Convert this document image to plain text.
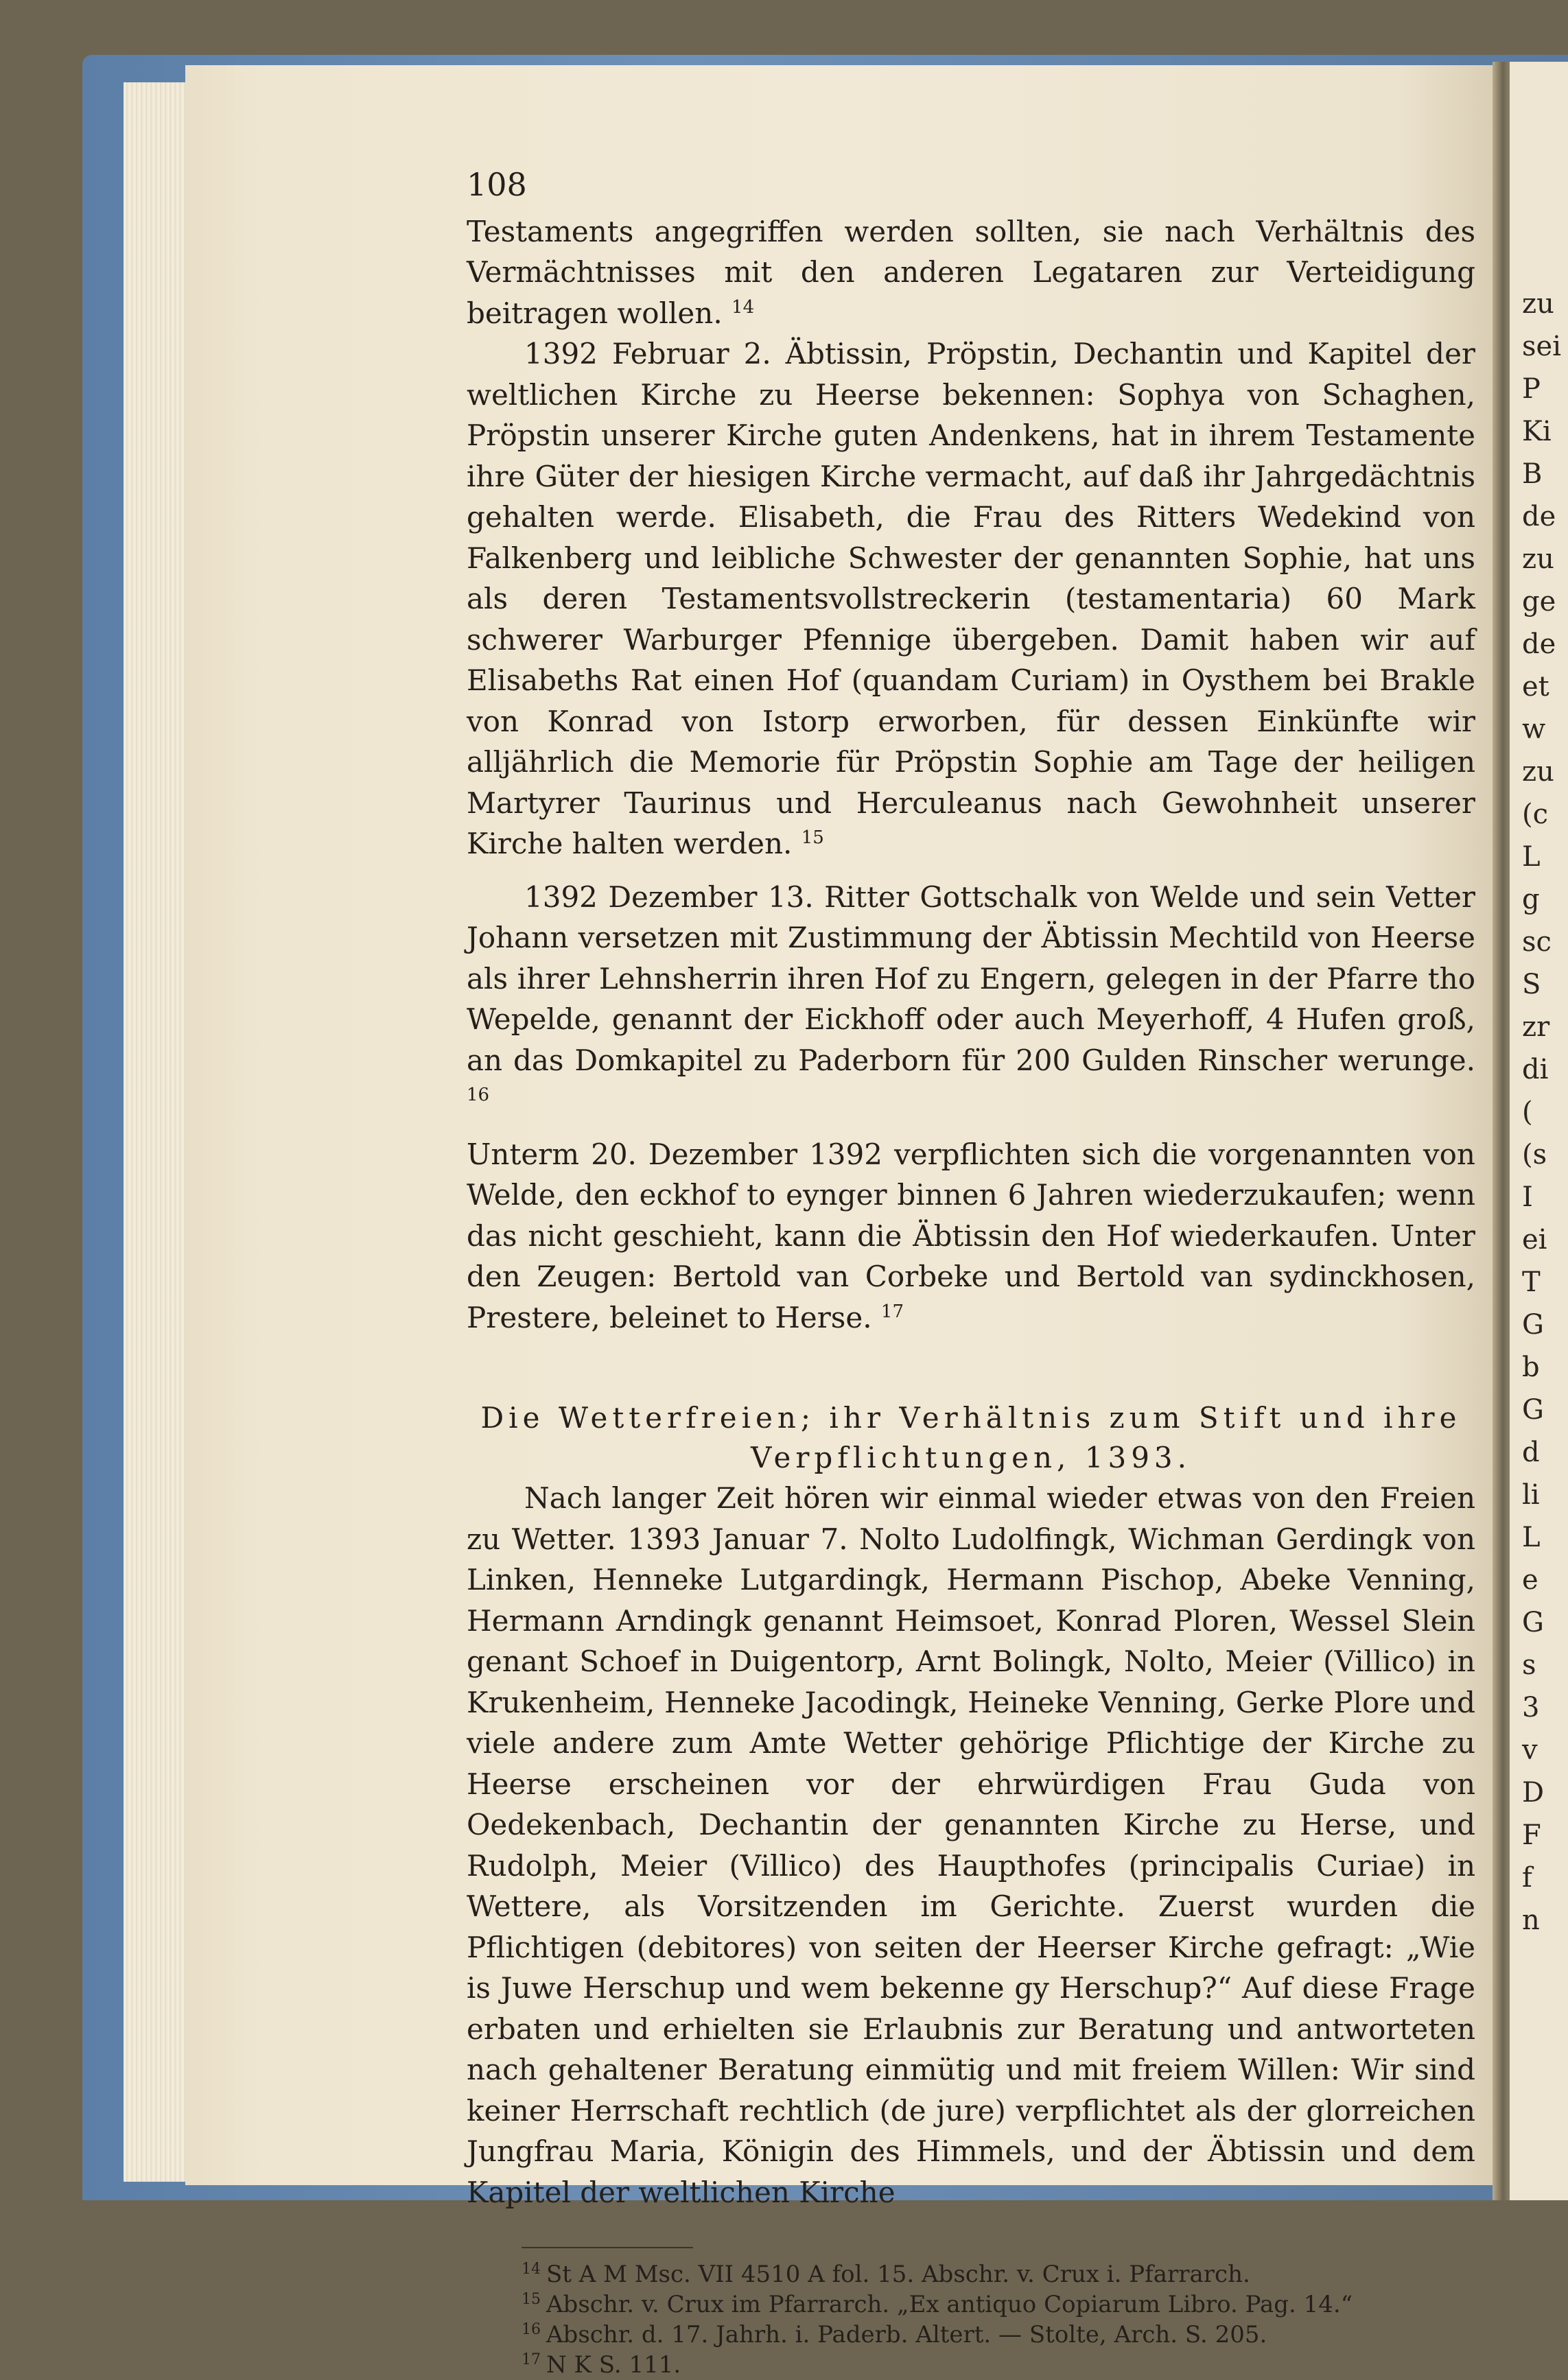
zu
sei
P
Ki
B
de
zu
ge
de
et
w
zu
(c
L
g
sc
S
zr
di
(
(s
I
ei
T
G
b
G
d
li
L
e
G
s
3
v
D
F
f
n
108

Testaments angegriffen werden sollten, sie nach Verhältnis des Vermächtnisses mit den anderen Legataren zur Verteidigung beitragen wollen. $^{14}$

1392 Februar 2. Äbtissin, Pröpstin, Dechantin und Kapitel der weltlichen Kirche zu Heerse bekennen: Sophya von Schaghen, Pröpstin unserer Kirche guten Andenkens, hat in ihrem Testamente ihre Güter der hiesigen Kirche vermacht, auf daß ihr Jahrgedächtnis gehalten werde. Elisabeth, die Frau des Ritters Wedekind von Falkenberg und leibliche Schwester der genannten Sophie, hat uns als deren Testamentsvollstreckerin (testamentaria) 60 Mark schwerer Warburger Pfennige übergeben. Damit haben wir auf Elisabeths Rat einen Hof (quandam Curiam) in Oysthem bei Brakle von Konrad von Istorp erworben, für dessen Einkünfte wir alljährlich die Memorie für Pröpstin Sophie am Tage der heiligen Martyrer Taurinus und Herculeanus nach Gewohnheit unserer Kirche halten werden. $^{15}$

1392 Dezember 13. Ritter Gottschalk von Welde und sein Vetter Johann versetzen mit Zustimmung der Äbtissin Mechtild von Heerse als ihrer Lehnsherrin ihren Hof zu Engern, gelegen in der Pfarre tho Wepelde, genannt der Eickhoff oder auch Meyerhoff, 4 Hufen groß, an das Domkapitel zu Paderborn für 200 Gulden Rinscher werunge. $^{16}$

Unterm 20. Dezember 1392 verpflichten sich die vorgenannten von Welde, den eckhof to eynger binnen 6 Jahren wiederzukaufen; wenn das nicht geschieht, kann die Äbtissin den Hof wiederkaufen. Unter den Zeugen: Bertold van Corbeke und Bertold van sydinckhosen, Prestere, beleinet to Herse. $^{17}$

Die Wetterfreien; ihr Verhältnis zum Stift und ihre Verpflichtungen, 1393.

Nach langer Zeit hören wir einmal wieder etwas von den Freien zu Wetter. 1393 Januar 7. Nolto Ludolfingk, Wichman Gerdingk von Linken, Henneke Lutgardingk, Hermann Pischop, Abeke Venning, Hermann Arndingk genannt Heimsoet, Konrad Ploren, Wessel Slein genant Schoef in Duigentorp, Arnt Bolingk, Nolto, Meier (Villico) in Krukenheim, Henneke Jacodingk, Heineke Venning, Gerke Plore und viele andere zum Amte Wetter gehörige Pflichtige der Kirche zu Heerse erscheinen vor der ehrwürdigen Frau Guda von Oedekenbach, Dechantin der genannten Kirche zu Herse, und Rudolph, Meier (Villico) des Haupthofes (principalis Curiae) in Wettere, als Vorsitzenden im Gerichte. Zuerst wurden die Pflichtigen (debitores) von seiten der Heerser Kirche gefragt: „Wie is Juwe Herschup und wem bekenne gy Herschup?“ Auf diese Frage erbaten und erhielten sie Erlaubnis zur Beratung und antworteten nach gehaltener Beratung einmütig und mit freiem Willen: Wir sind keiner Herrschaft rechtlich (de jure) verpflichtet als der glorreichen Jungfrau Maria, Königin des Himmels, und der Äbtissin und dem Kapitel der weltlichen Kirche

$^{14}$ St A M Msc. VII 4510 A fol. 15. Abschr. v. Crux i. Pfarrarch.
$^{15}$ Abschr. v. Crux im Pfarrarch. „Ex antiquo Copiarum Libro. Pag. 14.“
$^{16}$ Abschr. d. 17. Jahrh. i. Paderb. Altert. — Stolte, Arch. S. 205.
$^{17}$ N K S. 111.
